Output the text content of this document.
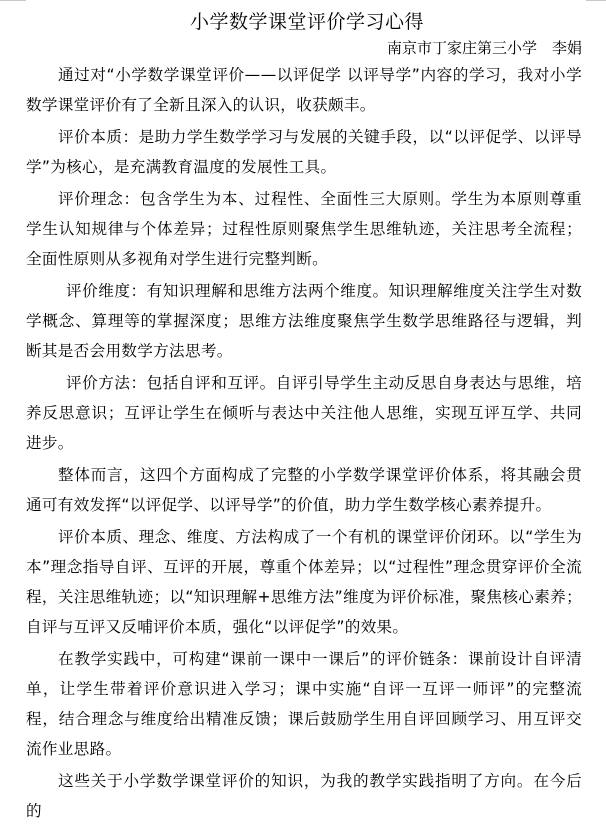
小学数学课堂评价学习心得

南京市丁家庄第三小学　李娟

通过对“小学数学课堂评价——以评促学 以评导学”内容的学习，我对小学数学课堂评价有了全新且深入的认识，收获颇丰。

评价本质：是助力学生数学学习与发展的关键手段，以“以评促学、以评导学”为核心，是充满教育温度的发展性工具。

评价理念：包含学生为本、过程性、全面性三大原则。学生为本原则尊重学生认知规律与个体差异；过程性原则聚焦学生思维轨迹，关注思考全流程；全面性原则从多视角对学生进行完整判断。

评价维度：有知识理解和思维方法两个维度。知识理解维度关注学生对数学概念、算理等的掌握深度；思维方法维度聚焦学生数学思维路径与逻辑，判断其是否会用数学方法思考。

评价方法：包括自评和互评。自评引导学生主动反思自身表达与思维，培养反思意识；互评让学生在倾听与表达中关注他人思维，实现互评互学、共同进步。

整体而言，这四个方面构成了完整的小学数学课堂评价体系，将其融会贯通可有效发挥“以评促学、以评导学”的价值，助力学生数学核心素养提升。

评价本质、理念、维度、方法构成了一个有机的课堂评价闭环。以“学生为本”理念指导自评、互评的开展，尊重个体差异；以“过程性”理念贯穿评价全流程，关注思维轨迹；以“知识理解+思维方法”维度为评价标准，聚焦核心素养；自评与互评又反哺评价本质，强化“以评促学”的效果。

在教学实践中，可构建“课前一课中一课后”的评价链条：课前设计自评清单，让学生带着评价意识进入学习；课中实施“自评一互评一师评”的完整流程，结合理念与维度给出精准反馈；课后鼓励学生用自评回顾学习、用互评交流作业思路。

这些关于小学数学课堂评价的知识，为我的教学实践指明了方向。在今后的
